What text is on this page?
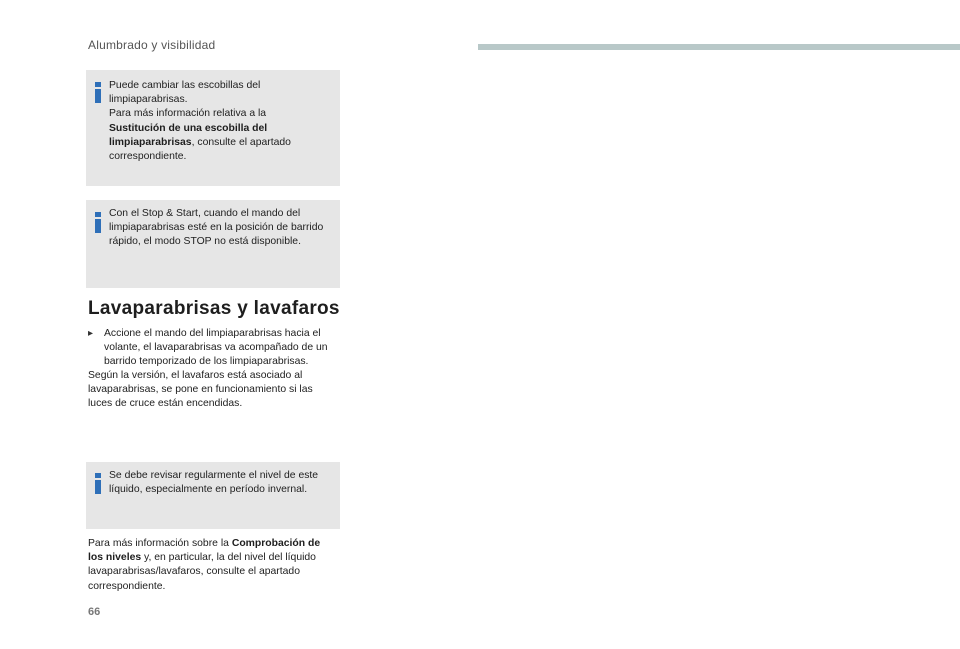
Alumbrado y visibilidad
Puede cambiar las escobillas del
limpiaparabrisas.
Para más información relativa a la
Sustitución de una escobilla del
limpiaparabrisas, consulte el apartado
correspondiente.
Con el Stop & Start, cuando el mando del
limpiaparabrisas esté en la posición de barrido
rápido, el modo STOP no está disponible.
Lavaparabrisas y lavafaros
▸	Accione el mando del limpiaparabrisas hacia el
volante, el lavaparabrisas va acompañado de un
barrido temporizado de los limpiaparabrisas.
Según la versión, el lavafaros está asociado al
lavaparabrisas, se pone en funcionamiento si las
luces de cruce están encendidas.
Se debe revisar regularmente el nivel de este
líquido, especialmente en período invernal.
Para más información sobre la Comprobación de
los niveles y, en particular, la del nivel del líquido
lavaparabrisas/lavafaros, consulte el apartado
correspondiente.
66
